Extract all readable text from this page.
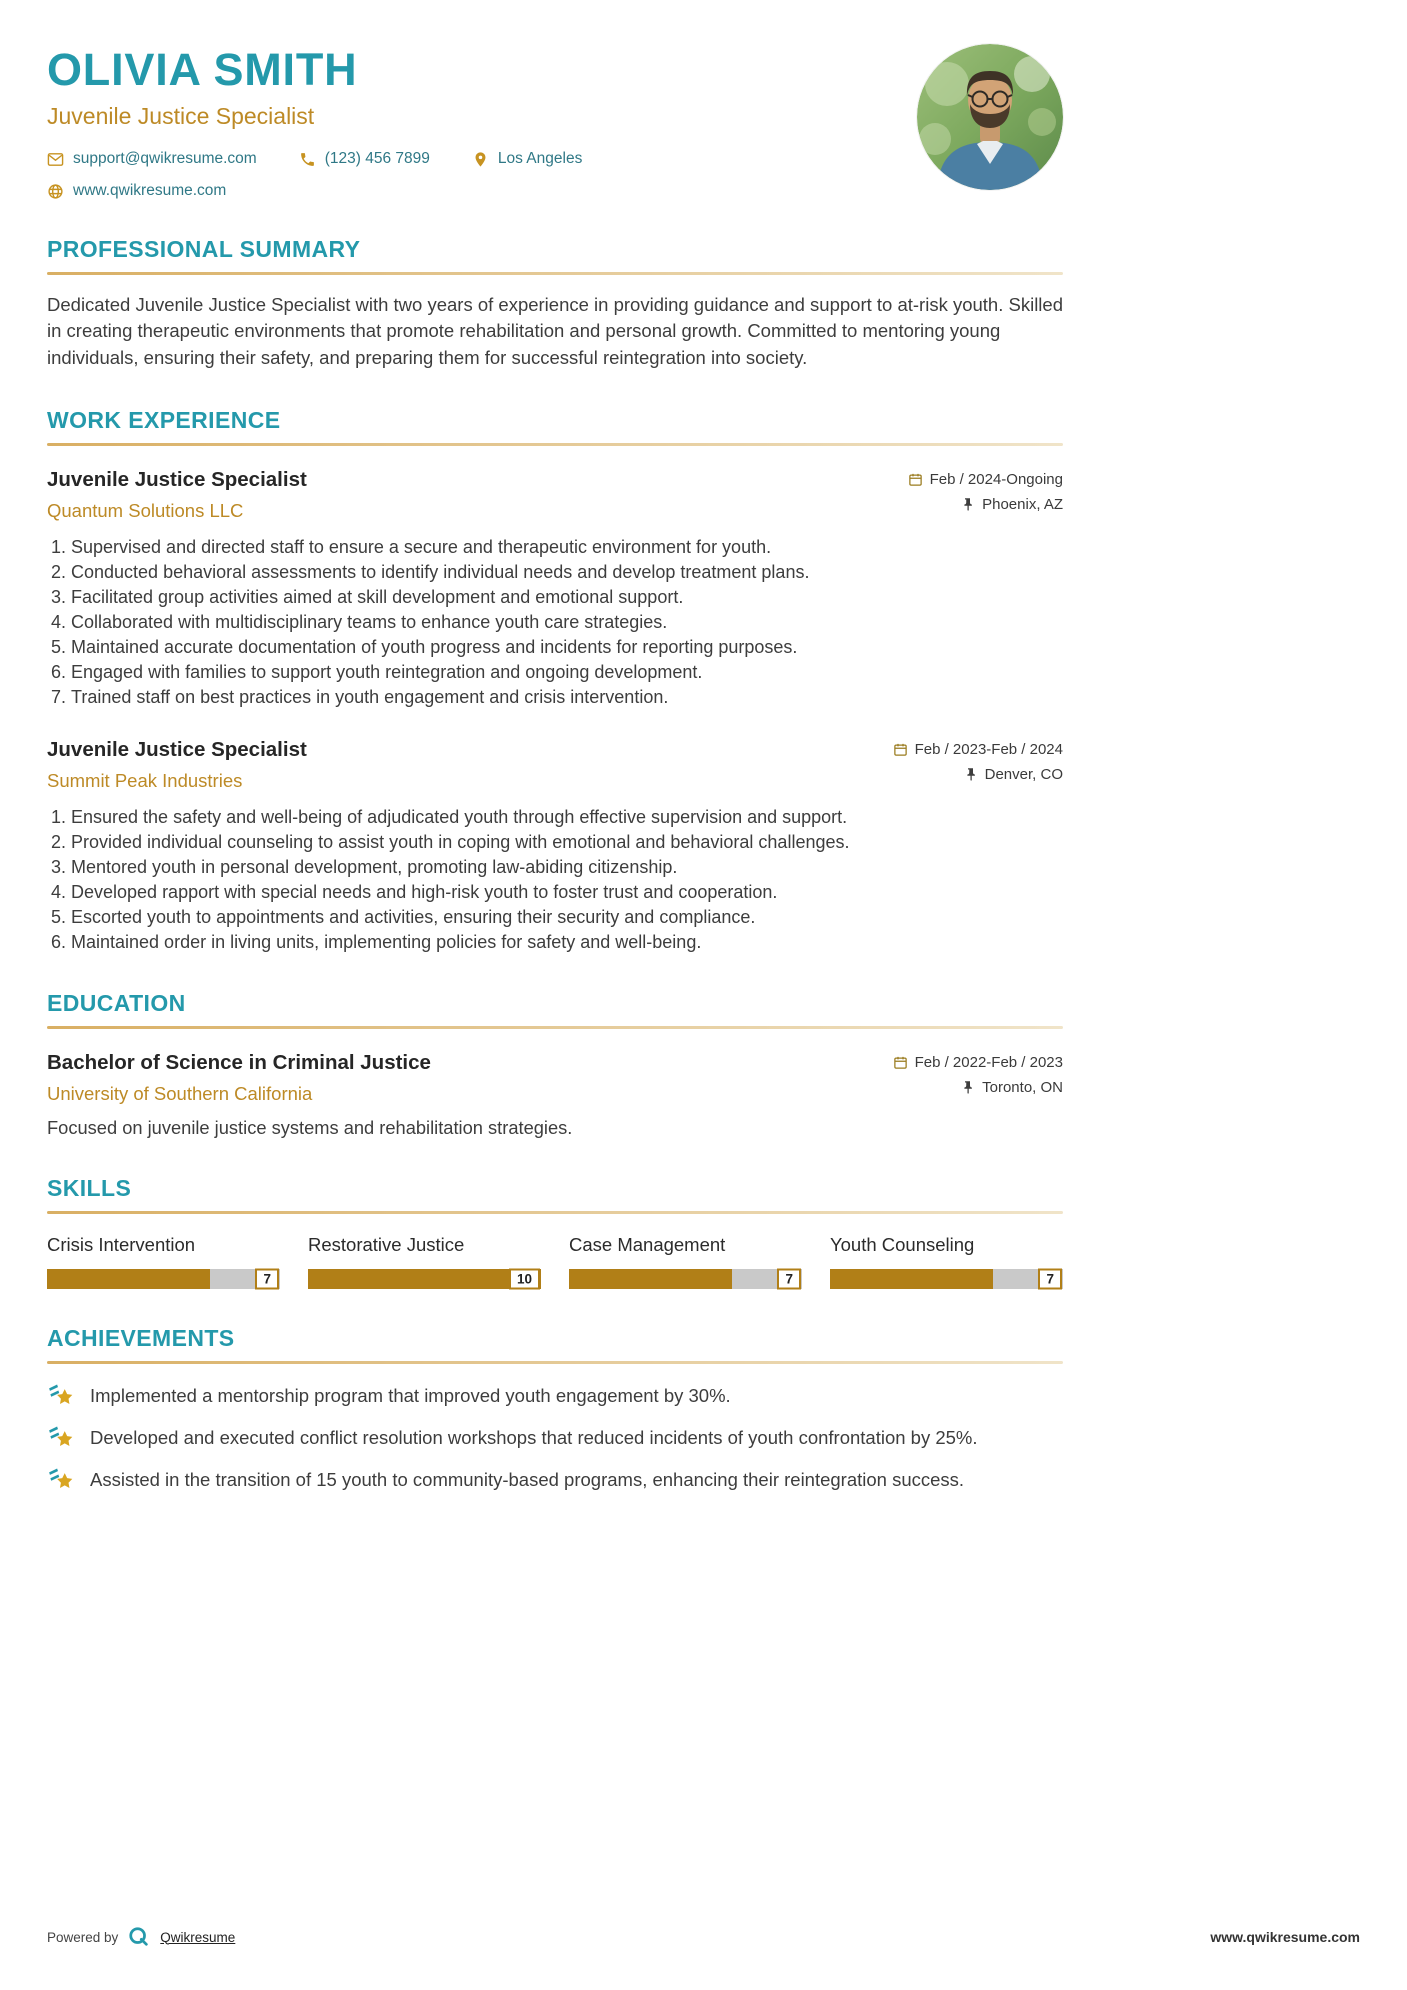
OLIVIA SMITH
Juvenile Justice Specialist
support@qwikresume.com	(123) 456 7899	Los Angeles
www.qwikresume.com
PROFESSIONAL SUMMARY

Dedicated Juvenile Justice Specialist with two years of experience in providing guidance and support to at-risk youth. Skilled in creating therapeutic environments that promote rehabilitation and personal growth. Committed to mentoring young individuals, ensuring their safety, and preparing them for successful reintegration into society.

WORK EXPERIENCE
Juvenile Justice Specialist
Quantum Solutions LLC
Feb / 2024-Ongoing
Phoenix, AZ
1. Supervised and directed staff to ensure a secure and therapeutic environment for youth.
2. Conducted behavioral assessments to identify individual needs and develop treatment plans.
3. Facilitated group activities aimed at skill development and emotional support.
4. Collaborated with multidisciplinary teams to enhance youth care strategies.
5. Maintained accurate documentation of youth progress and incidents for reporting purposes.
6. Engaged with families to support youth reintegration and ongoing development.
7. Trained staff on best practices in youth engagement and crisis intervention.
Juvenile Justice Specialist
Summit Peak Industries
Feb / 2023-Feb / 2024
Denver, CO
1. Ensured the safety and well-being of adjudicated youth through effective supervision and support.
2. Provided individual counseling to assist youth in coping with emotional and behavioral challenges.
3. Mentored youth in personal development, promoting law-abiding citizenship.
4. Developed rapport with special needs and high-risk youth to foster trust and cooperation.
5. Escorted youth to appointments and activities, ensuring their security and compliance.
6. Maintained order in living units, implementing policies for safety and well-being.
EDUCATION
Bachelor of Science in Criminal Justice
University of Southern California
Feb / 2022-Feb / 2023
Toronto, ON

Focused on juvenile justice systems and rehabilitation strategies.

SKILLS
Crisis Intervention
7
Restorative Justice
10
Case Management
7
Youth Counseling
7
ACHIEVEMENTS
Implemented a mentorship program that improved youth engagement by 30%.
Developed and executed conflict resolution workshops that reduced incidents of youth confrontation by 25%.
Assisted in the transition of 15 youth to community-based programs, enhancing their reintegration success.
Powered by	Qwikresume	www.qwikresume.com
